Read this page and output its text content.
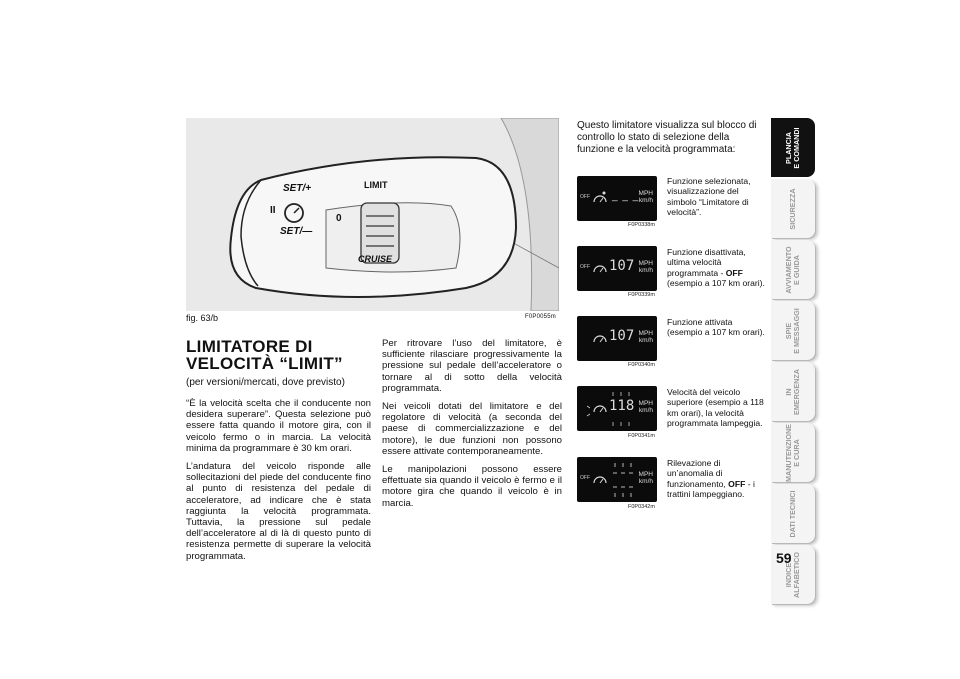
SET/+
SET/—
II
0
LIMIT
CRUISE
fig. 63/b	F0P0055m
LIMITATORE DI
VELOCITÀ “LIMIT”
(per versioni/mercati, dove previsto)

“È la velocità scelta che il conducente non desidera superare”. Questa selezione può essere fatta quando il motore gira, con il veicolo fermo o in marcia. La velocità minima da programmare è 30 km orari.

L’andatura del veicolo risponde alle sollecitazioni del piede del conducente fino al punto di resistenza del pedale di acceleratore, ad indicare che è stata raggiunta la velocità programmata. Tuttavia, la pressione sul pedale dell’acceleratore al di là di questo punto di resistenza permette di superare la velocità programmata.

Per ritrovare l’uso del limitatore, è sufficiente rilasciare progressivamente la pressione sul pedale dell’acceleratore o tornare al di sotto della velocità programmata.

Nei veicoli dotati del limitatore e del regolatore di velocità (a seconda del paese di commercializzazione e del motore), le due funzioni non possono essere attivate contemporaneamente.

Le manipolazioni possono essere effettuate sia quando il veicolo è fermo e il motore gira che quando il veicolo è in marcia.

Questo limitatore visualizza sul blocco di controllo lo stato di selezione della funzione e la velocità programmata:
OFF _ _ _ MPH
km/h
F0P0338m
Funzione selezionata, visualizzazione del simbolo “Limitatore di velocità”.
OFF 107 MPH
km/h
F0P0339m
Funzione disattivata, ultima velocità programmata - OFF (esempio a 107 km orari).
107 MPH
km/h
F0P0340m
Funzione attivata (esempio a 107 km orari).
118 MPH
km/h
F0P0341m
Velocità del veicolo superiore (esempio a 118 km orari), la velocità programmata lampeggia.
OFF	MPH
km/h
F0P0342m
Rilevazione di un’anomalia di funzionamento, OFF - i trattini lampeggiano.
PLANCIA
E COMANDI
SICUREZZA
AVVIAMENTO
E GUIDA
SPIE
E MESSAGGI
IN
EMERGENZA
MANUTENZIONE
E CURA
DATI TECNICI
INDICE
ALFABETICO
59
